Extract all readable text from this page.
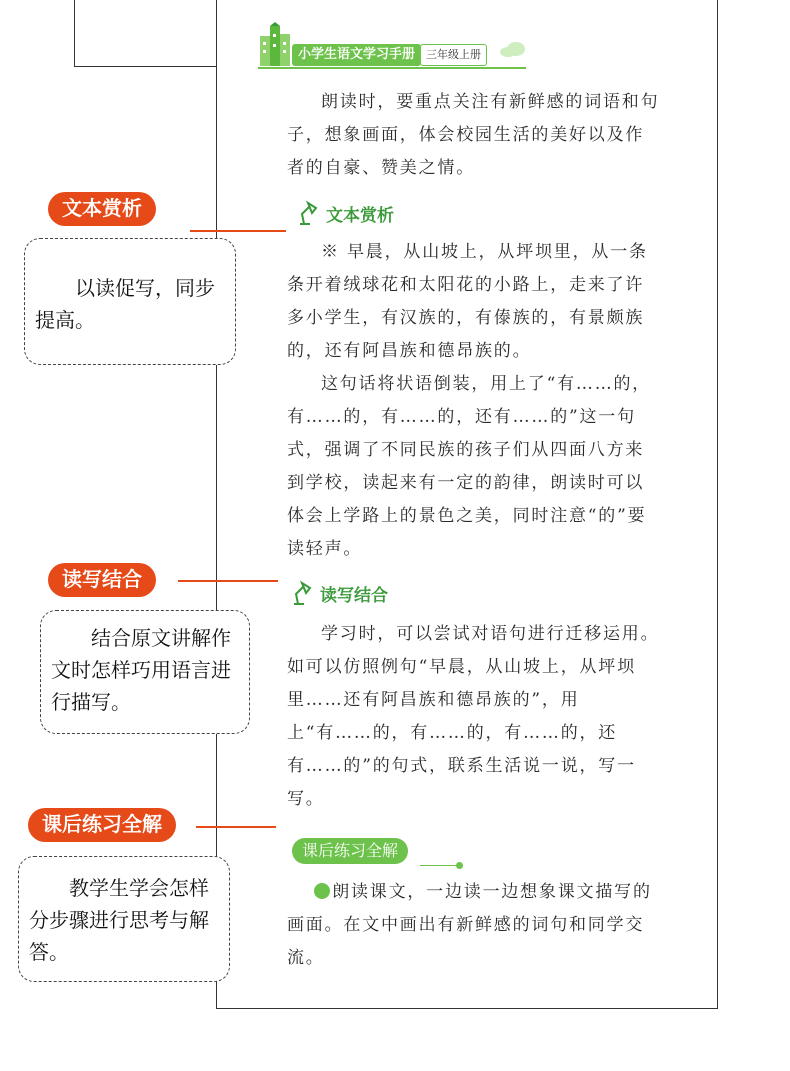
小学生语文学习手册 三年级上册

朗读时，要重点关注有新鲜感的词语和句子，想象画面，体会校园生活的美好以及作者的自豪、赞美之情。

文本赏析

※ 早晨，从山坡上，从坪坝里，从一条条开着绒球花和太阳花的小路上，走来了许多小学生，有汉族的，有傣族的，有景颇族的，还有阿昌族和德昂族的。

这句话将状语倒装，用上了“有……的，有……的，有……的，还有……的”这一句式，强调了不同民族的孩子们从四面八方来到学校，读起来有一定的韵律，朗读时可以体会上学路上的景色之美，同时注意“的”要读轻声。

读写结合

学习时，可以尝试对语句进行迁移运用。如可以仿照例句“早晨，从山坡上，从坪坝里……还有阿昌族和德昂族的”，用上“有……的，有……的，有……的，还有……的”的句式，联系生活说一说，写一写。

课后练习全解

朗读课文，一边读一边想象课文描写的画面。在文中画出有新鲜感的词句和同学交流。

文本赏析

以读促写，同步提高。

读写结合

结合原文讲解作文时怎样巧用语言进行描写。

课后练习全解

教学生学会怎样分步骤进行思考与解答。
